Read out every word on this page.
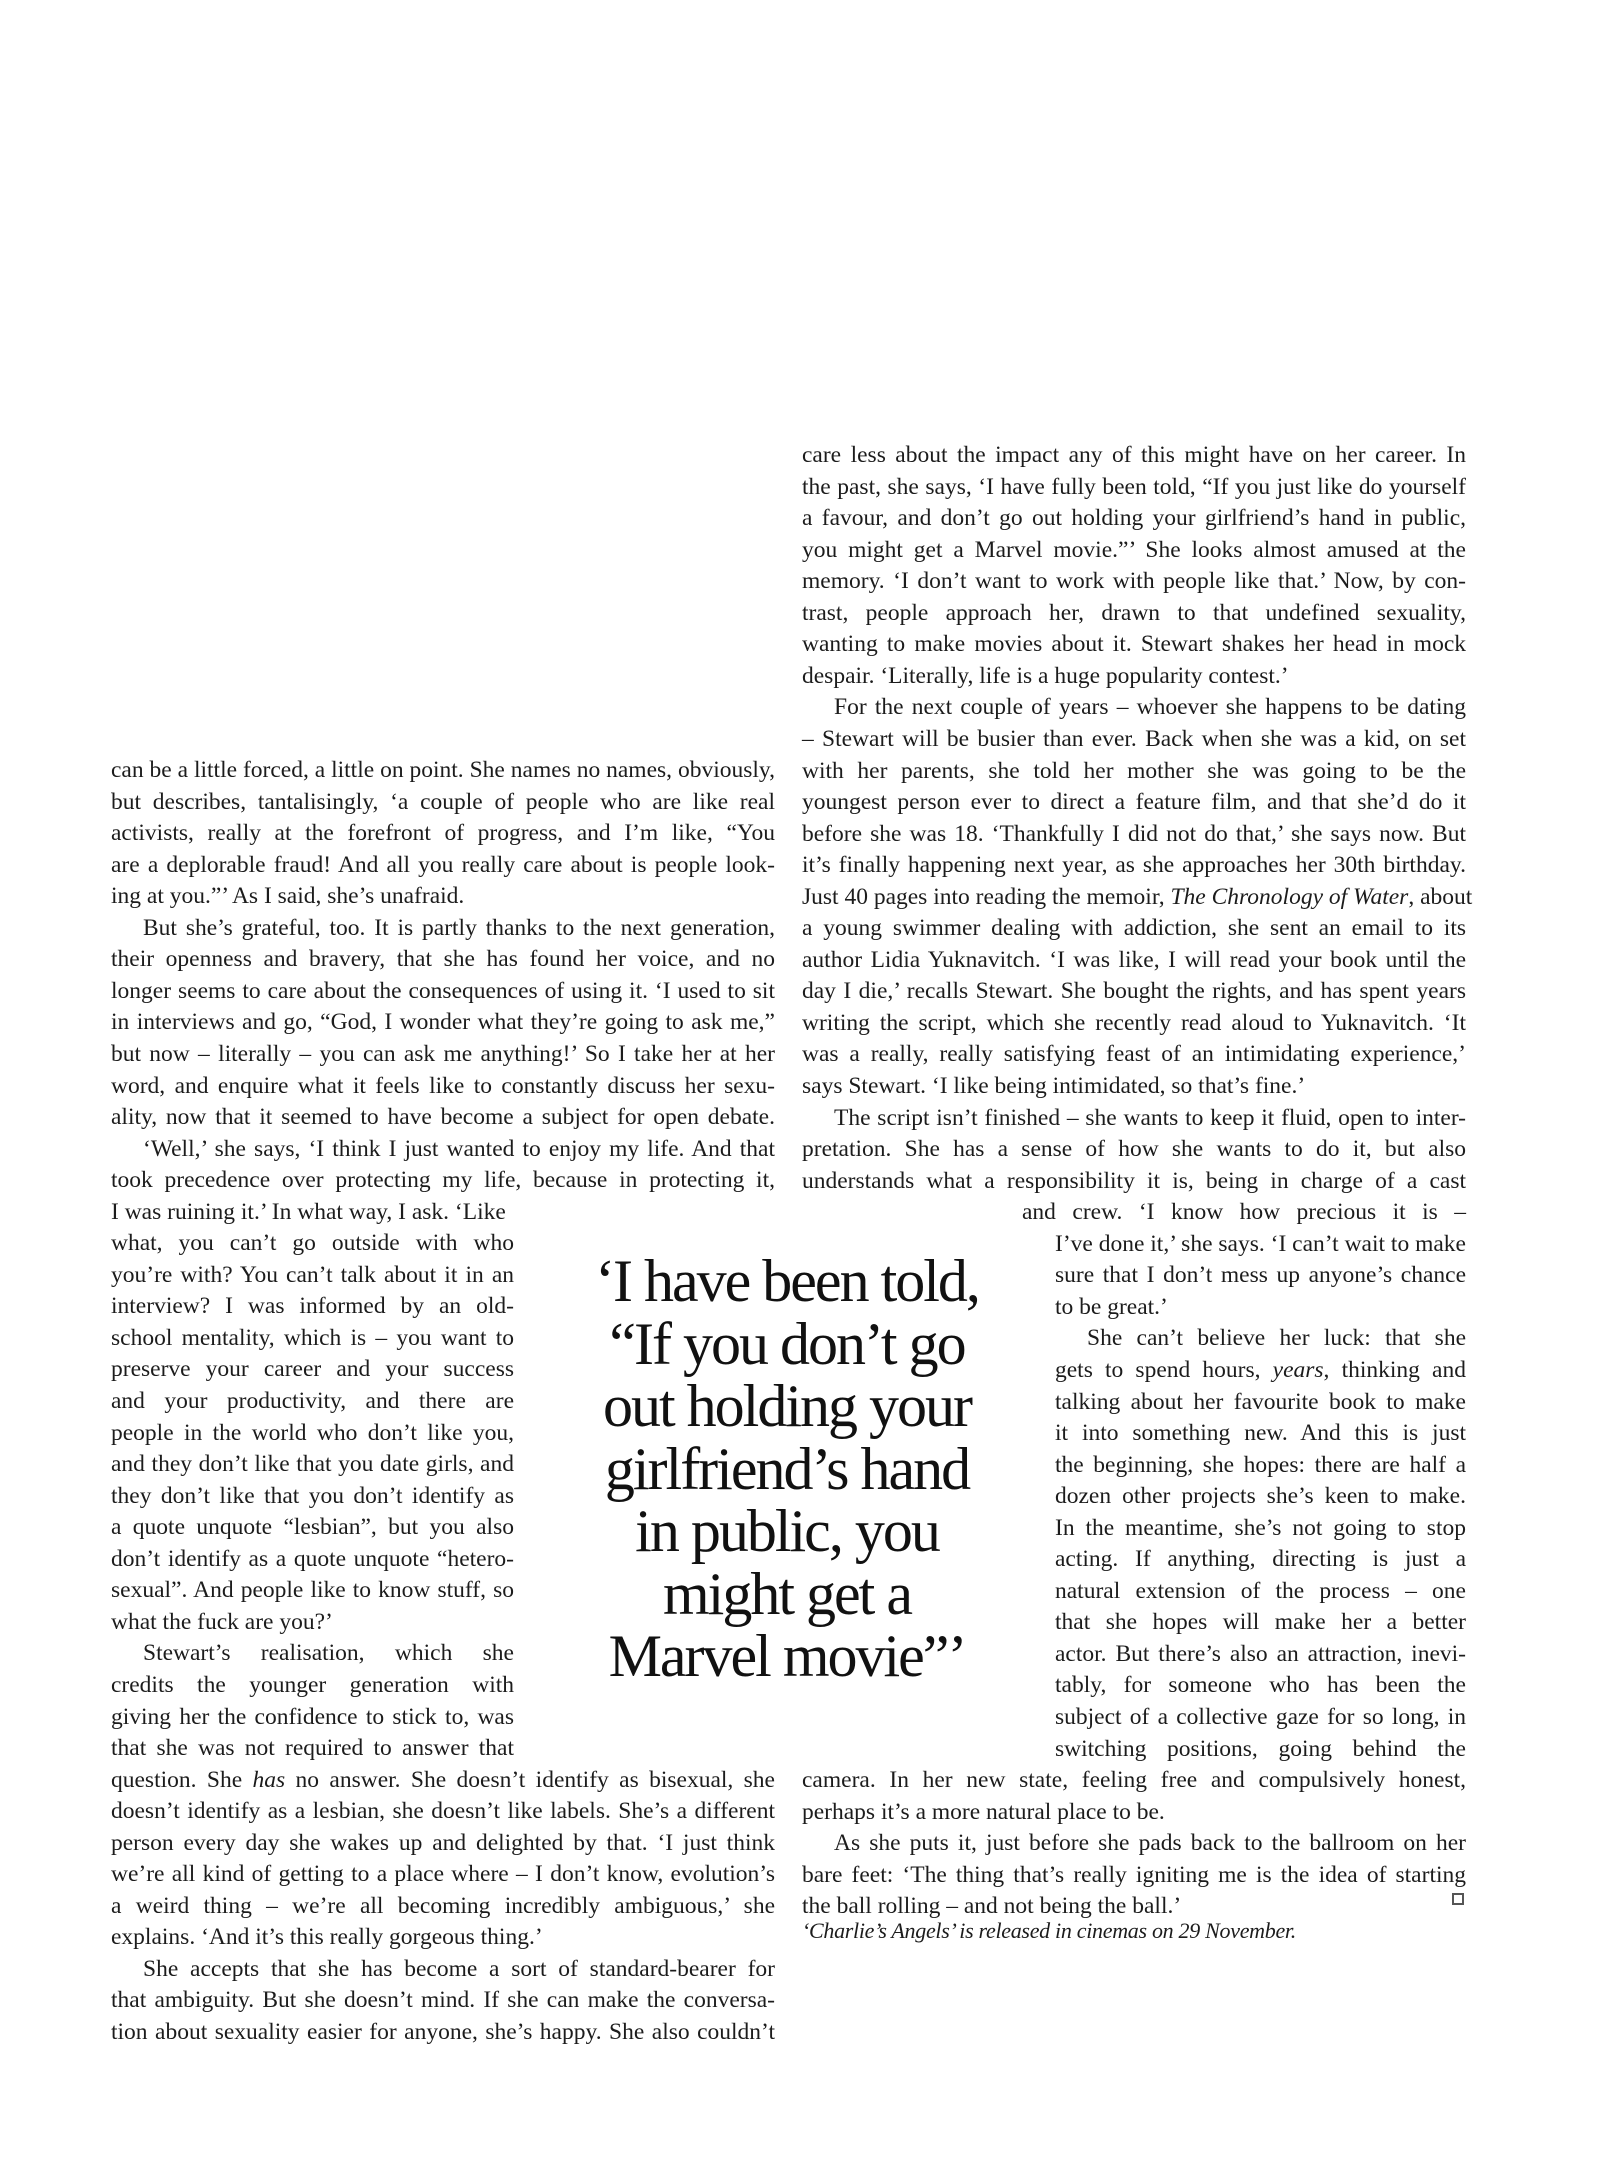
can be a little forced, a little on point. She names no names, obviously,
but describes, tantalisingly, ‘a couple of people who are like real
activists, really at the forefront of progress, and I’m like, “You
are a deplorable fraud! And all you really care about is people look-
ing at you.”’ As I said, she’s unafraid.
But she’s grateful, too. It is partly thanks to the next generation,
their openness and bravery, that she has found her voice, and no
longer seems to care about the consequences of using it. ‘I used to sit
in interviews and go, “God, I wonder what they’re going to ask me,”
but now – literally – you can ask me anything!’ So I take her at her
word, and enquire what it feels like to constantly discuss her sexu-
ality, now that it seemed to have become a subject for open debate.
‘Well,’ she says, ‘I think I just wanted to enjoy my life. And that
took precedence over protecting my life, because in protecting it,
I was ruining it.’ In what way, I ask. ‘Like
what, you can’t go outside with who
you’re with? You can’t talk about it in an
interview? I was informed by an old-
school mentality, which is – you want to
preserve your career and your success
and your productivity, and there are
people in the world who don’t like you,
and they don’t like that you date girls, and
they don’t like that you don’t identify as
a quote unquote “lesbian”, but you also
don’t identify as a quote unquote “hetero-
sexual”. And people like to know stuff, so
what the fuck are you?’
Stewart’s realisation, which she
credits the younger generation with
giving her the confidence to stick to, was
that she was not required to answer that
question. She has no answer. She doesn’t identify as bisexual, she
doesn’t identify as a lesbian, she doesn’t like labels. She’s a different
person every day she wakes up and delighted by that. ‘I just think
we’re all kind of getting to a place where – I don’t know, evolution’s
a weird thing – we’re all becoming incredibly ambiguous,’ she
explains. ‘And it’s this really gorgeous thing.’
She accepts that she has become a sort of standard-bearer for
that ambiguity. But she doesn’t mind. If she can make the conversa-
tion about sexuality easier for anyone, she’s happy. She also couldn’t
care less about the impact any of this might have on her career. In
the past, she says, ‘I have fully been told, “If you just like do yourself
a favour, and don’t go out holding your girlfriend’s hand in public,
you might get a Marvel movie.”’ She looks almost amused at the
memory. ‘I don’t want to work with people like that.’ Now, by con-
trast, people approach her, drawn to that undefined sexuality,
wanting to make movies about it. Stewart shakes her head in mock
despair. ‘Literally, life is a huge popularity contest.’
For the next couple of years – whoever she happens to be dating
– Stewart will be busier than ever. Back when she was a kid, on set
with her parents, she told her mother she was going to be the
youngest person ever to direct a feature film, and that she’d do it
before she was 18. ‘Thankfully I did not do that,’ she says now. But
it’s finally happening next year, as she approaches her 30th birthday.
Just 40 pages into reading the memoir, The Chronology of Water, about
a young swimmer dealing with addiction, she sent an email to its
author Lidia Yuknavitch. ‘I was like, I will read your book until the
day I die,’ recalls Stewart. She bought the rights, and has spent years
writing the script, which she recently read aloud to Yuknavitch. ‘It
was a really, really satisfying feast of an intimidating experience,’
says Stewart. ‘I like being intimidated, so that’s fine.’
The script isn’t finished – she wants to keep it fluid, open to inter-
pretation. She has a sense of how she wants to do it, but also
understands what a responsibility it is, being in charge of a cast
and crew. ‘I know how precious it is –
I’ve done it,’ she says. ‘I can’t wait to make
sure that I don’t mess up anyone’s chance
to be great.’
She can’t believe her luck: that she
gets to spend hours, years, thinking and
talking about her favourite book to make
it into something new. And this is just
the beginning, she hopes: there are half a
dozen other projects she’s keen to make.
In the meantime, she’s not going to stop
acting. If anything, directing is just a
natural extension of the process – one
that she hopes will make her a better
actor. But there’s also an attraction, inevi-
tably, for someone who has been the
subject of a collective gaze for so long, in
switching positions, going behind the
camera. In her new state, feeling free and compulsively honest,
perhaps it’s a more natural place to be.
As she puts it, just before she pads back to the ballroom on her
bare feet: ‘The thing that’s really igniting me is the idea of starting
the ball rolling – and not being the ball.’
‘I have been told,
“If you don’t go
out holding your
girlfriend’s hand
in public, you
might get a
Marvel movie”’
‘Charlie’s Angels’ is released in cinemas on 29 November.
